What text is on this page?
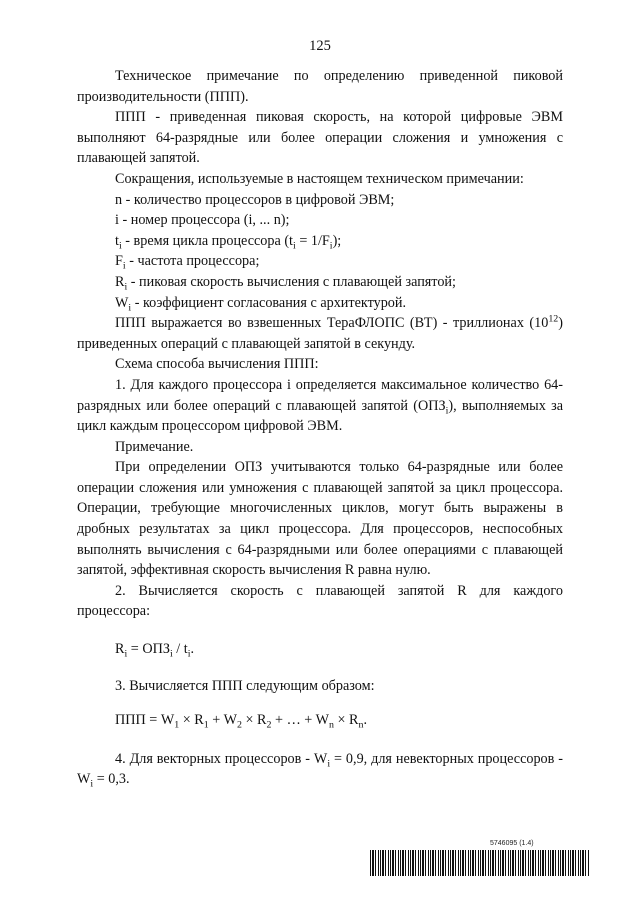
125

Техническое примечание по определению приведенной пиковой производительности (ППП).

ППП - приведенная пиковая скорость, на которой цифровые ЭВМ выполняют 64-разрядные или более операции сложения и умножения с плавающей запятой.

Сокращения, используемые в настоящем техническом примечании:

n - количество процессоров в цифровой ЭВМ;

i - номер процессора (i, ... n);

$t_i$ - время цикла процессора $(t_i = 1/F_i)$;

$F_i$ - частота процессора;

$R_i$ - пиковая скорость вычисления с плавающей запятой;

$W_i$ - коэффициент согласования с архитектурой.

ППП выражается во взвешенных ТераФЛОПС (ВТ) - триллионах $(10^{12})$ приведенных операций с плавающей запятой в секунду.

Схема способа вычисления ППП:

1. Для каждого процессора i определяется максимальное количество 64-разрядных или более операций с плавающей запятой $(ОПЗ_i)$, выполняемых за цикл каждым процессором цифровой ЭВМ.

Примечание.

При определении ОПЗ учитываются только 64-разрядные или более операции сложения или умножения с плавающей запятой за цикл процессора. Операции, требующие многочисленных циклов, могут быть выражены в дробных результатах за цикл процессора. Для процессоров, неспособных выполнять вычисления с 64-разрядными или более операциями с плавающей запятой, эффективная скорость вычисления R равна нулю.

2. Вычисляется скорость с плавающей запятой R для каждого процессора:

$R_i = ОПЗ_i / t_i$.

3. Вычисляется ППП следующим образом:

ППП = $W_1 \times R_1 + W_2 \times R_2$ + … + $W_n \times R_n$.

4. Для векторных процессоров - $W_i = 0,9$, для невекторных процессоров - $W_i = 0,3$.

5746095 (1.4)
